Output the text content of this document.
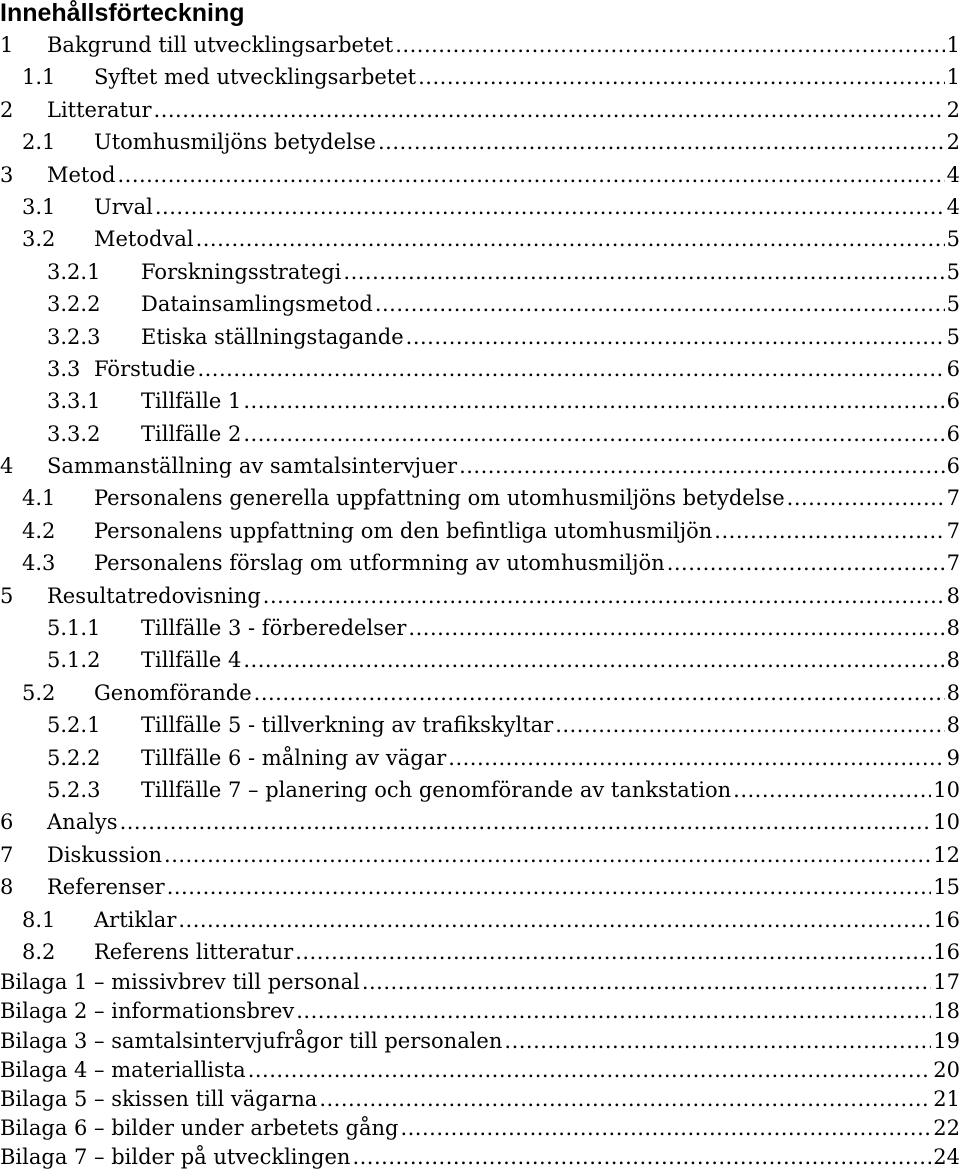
Innehållsförteckning
1 Bakgrund till utvecklingsarbetet .....	1
1.1 Syftet med utvecklingsarbetet .....	1
2 Litteratur .....	2
2.1 Utomhusmiljöns betydelse .....	2
3 Metod .....	4
3.1 Urval .....	4
3.2 Metodval .....	5
3.2.1 Forskningsstrategi .....	5
3.2.2 Datainsamlingsmetod .....	5
3.2.3 Etiska ställningstagande .....	5
3.3 Förstudie .....	6
3.3.1 Tillfälle 1 .....	6
3.3.2 Tillfälle 2 .....	6
4 Sammanställning av samtalsintervjuer .....	6
4.1 Personalens generella uppfattning om utomhusmiljöns betydelse .....	7
4.2 Personalens uppfattning om den befintliga utomhusmiljön .....	7
4.3 Personalens förslag om utformning av utomhusmiljön .....	7
5 Resultatredovisning .....	8
5.1.1 Tillfälle 3 - förberedelser .....	8
5.1.2 Tillfälle 4 .....	8
5.2 Genomförande .....	8
5.2.1 Tillfälle 5 - tillverkning av trafikskyltar .....	8
5.2.2 Tillfälle 6 - målning av vägar .....	9
5.2.3 Tillfälle 7 – planering och genomförande av tankstation .....	10
6 Analys .....	10
7 Diskussion .....	12
8 Referenser .....	15
8.1 Artiklar .....	16
8.2 Referens litteratur .....	16
Bilaga 1 – missivbrev till personal .....	17
Bilaga 2 – informationsbrev .....	18
Bilaga 3 – samtalsintervjufrågor till personalen .....	19
Bilaga 4 – materiallista .....	20
Bilaga 5 – skissen till vägarna .....	21
Bilaga 6 – bilder under arbetets gång .....	22
Bilaga 7 – bilder på utvecklingen .....	24
